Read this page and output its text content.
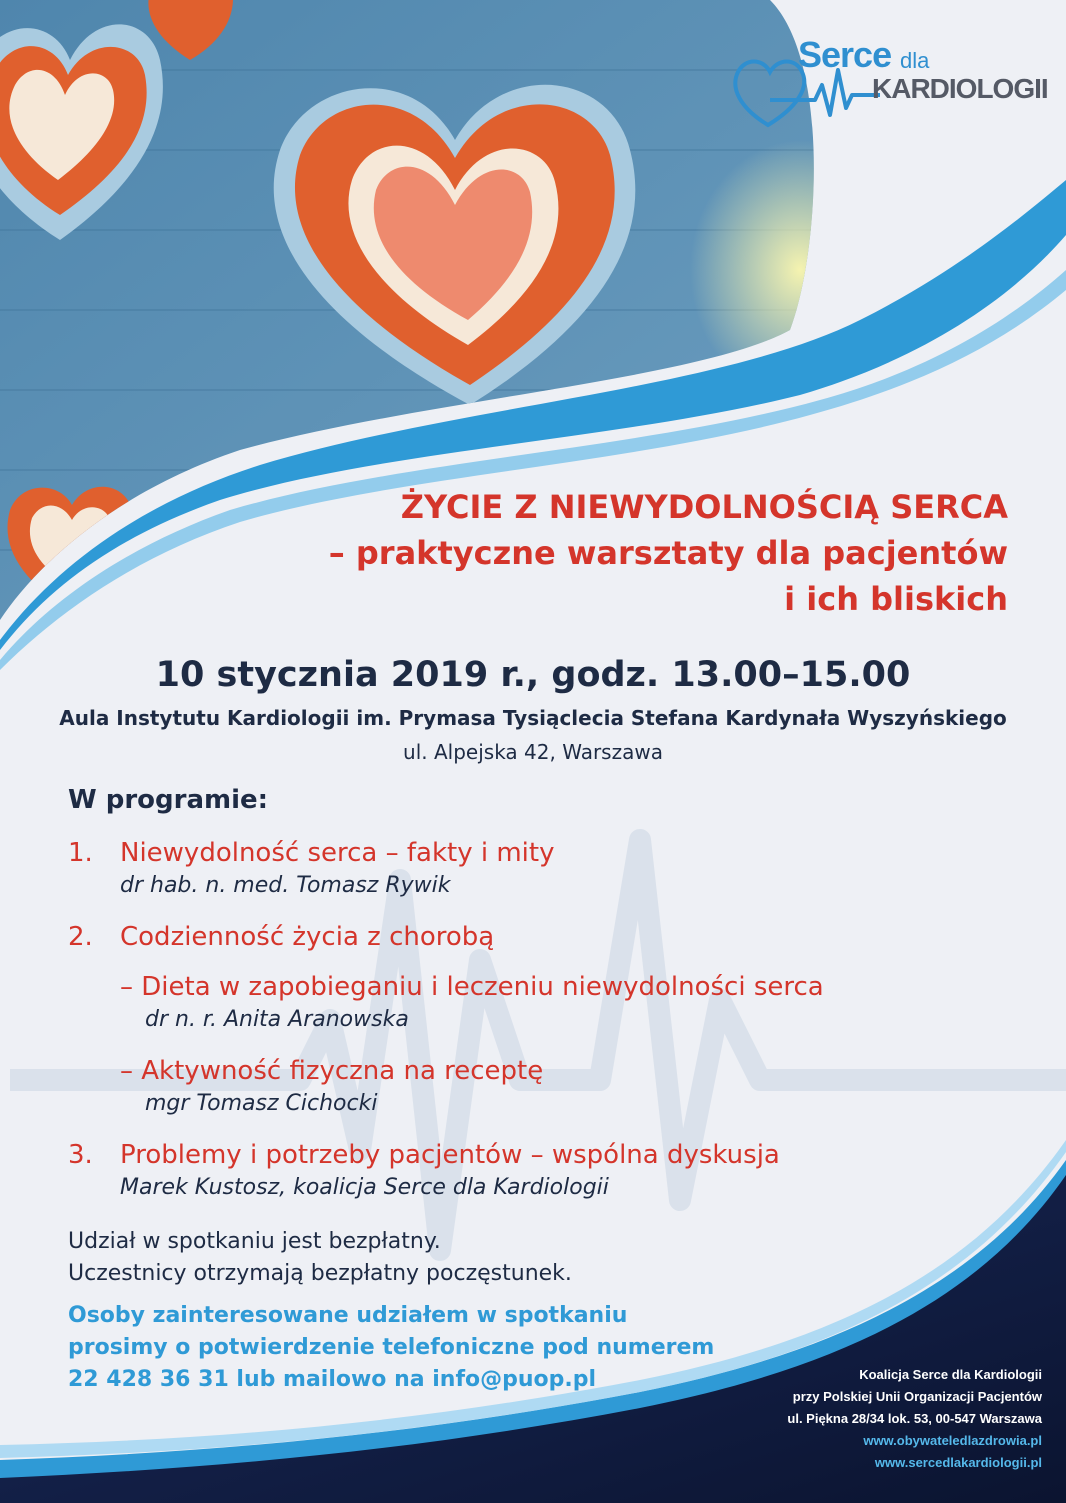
Serce dla
KARDIOLOGII
ŻYCIE Z NIEWYDOLNOŚCIĄ SERCA
– praktyczne warsztaty dla pacjentów
i ich bliskich
10 stycznia 2019 r., godz. 13.00–15.00
Aula Instytutu Kardiologii im. Prymasa Tysiąclecia Stefana Kardynała Wyszyńskiego
ul. Alpejska 42, Warszawa
W programie:
1. Niewydolność serca – fakty i mity
dr hab. n. med. Tomasz Rywik
2. Codzienność życia z chorobą
– Dieta w zapobieganiu i leczeniu niewydolności serca
dr n. r. Anita Aranowska
– Aktywność fizyczna na receptę
mgr Tomasz Cichocki
3. Problemy i potrzeby pacjentów – wspólna dyskusja
Marek Kustosz, koalicja Serce dla Kardiologii
Udział w spotkaniu jest bezpłatny.
Uczestnicy otrzymają bezpłatny poczęstunek.
Osoby zainteresowane udziałem w spotkaniu
prosimy o potwierdzenie telefoniczne pod numerem
22 428 36 31 lub mailowo na info@puop.pl	Koalicja Serce dla Kardiologii
przy Polskiej Unii Organizacji Pacjentów
ul. Piękna 28/34 lok. 53, 00-547 Warszawa
www.obywateledlazdrowia.pl
www.sercedlakardiologii.pl
